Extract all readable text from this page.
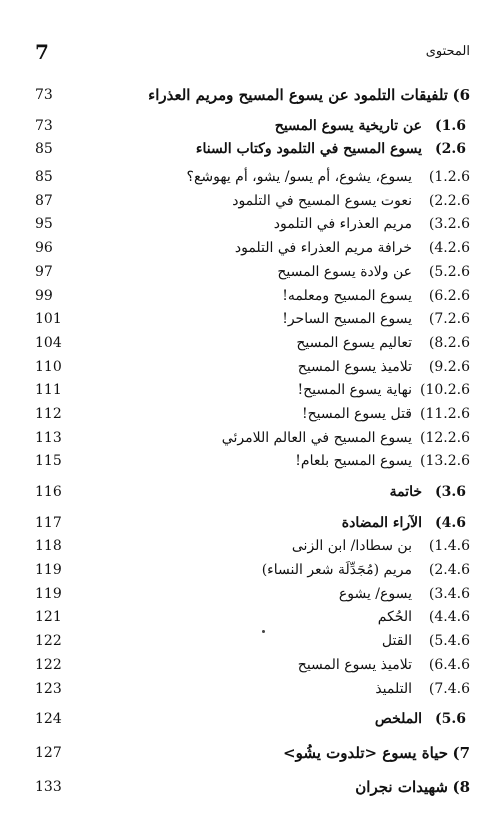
7	المحتوى
6)
تلفيقات التلمود عن يسوع المسيح ومريم العذراء
73
1.6)
عن تاريخية يسوع المسيح
73
2.6)
يسوع المسيح في التلمود وكتاب السناء
85
1.2.6)
يسوع، يشوع، أم يسو/ يشو، أم يهوشع؟
85
2.2.6)
نعوت يسوع المسيح في التلمود
87
3.2.6)
مريم العذراء في التلمود
95
4.2.6)
خرافة مريم العذراء في التلمود
96
5.2.6)
عن ولادة يسوع المسيح
97
6.2.6)
يسوع المسيح ومعلمه!
99
7.2.6)
يسوع المسيح الساحر!
101
8.2.6)
تعاليم يسوع المسيح
104
9.2.6)
تلاميذ يسوع المسيح
110
10.2.6)
نهاية يسوع المسيح!
111
11.2.6)
قتل يسوع المسيح!
112
12.2.6)
يسوع المسيح في العالم اللامرئي
113
13.2.6)
يسوع المسيح بلعام!
115
3.6)
خاتمة
116
4.6)
الآراء المضادة
117
1.4.6)
بن سطادا/ ابن الزنى
118
2.4.6)
مريم (مُجَدِّلَة شعر النساء)
119
3.4.6)
يسوع/ يشوع
119
4.4.6)
الحُكم
121
5.4.6)
القتل
122
6.4.6)
تلاميذ يسوع المسيح
122
7.4.6)
التلميذ
123
5.6)
الملخص
124
7)
حياة يسوع <تلدوت يشُو>
127
8)
شهيدات نجران
133
